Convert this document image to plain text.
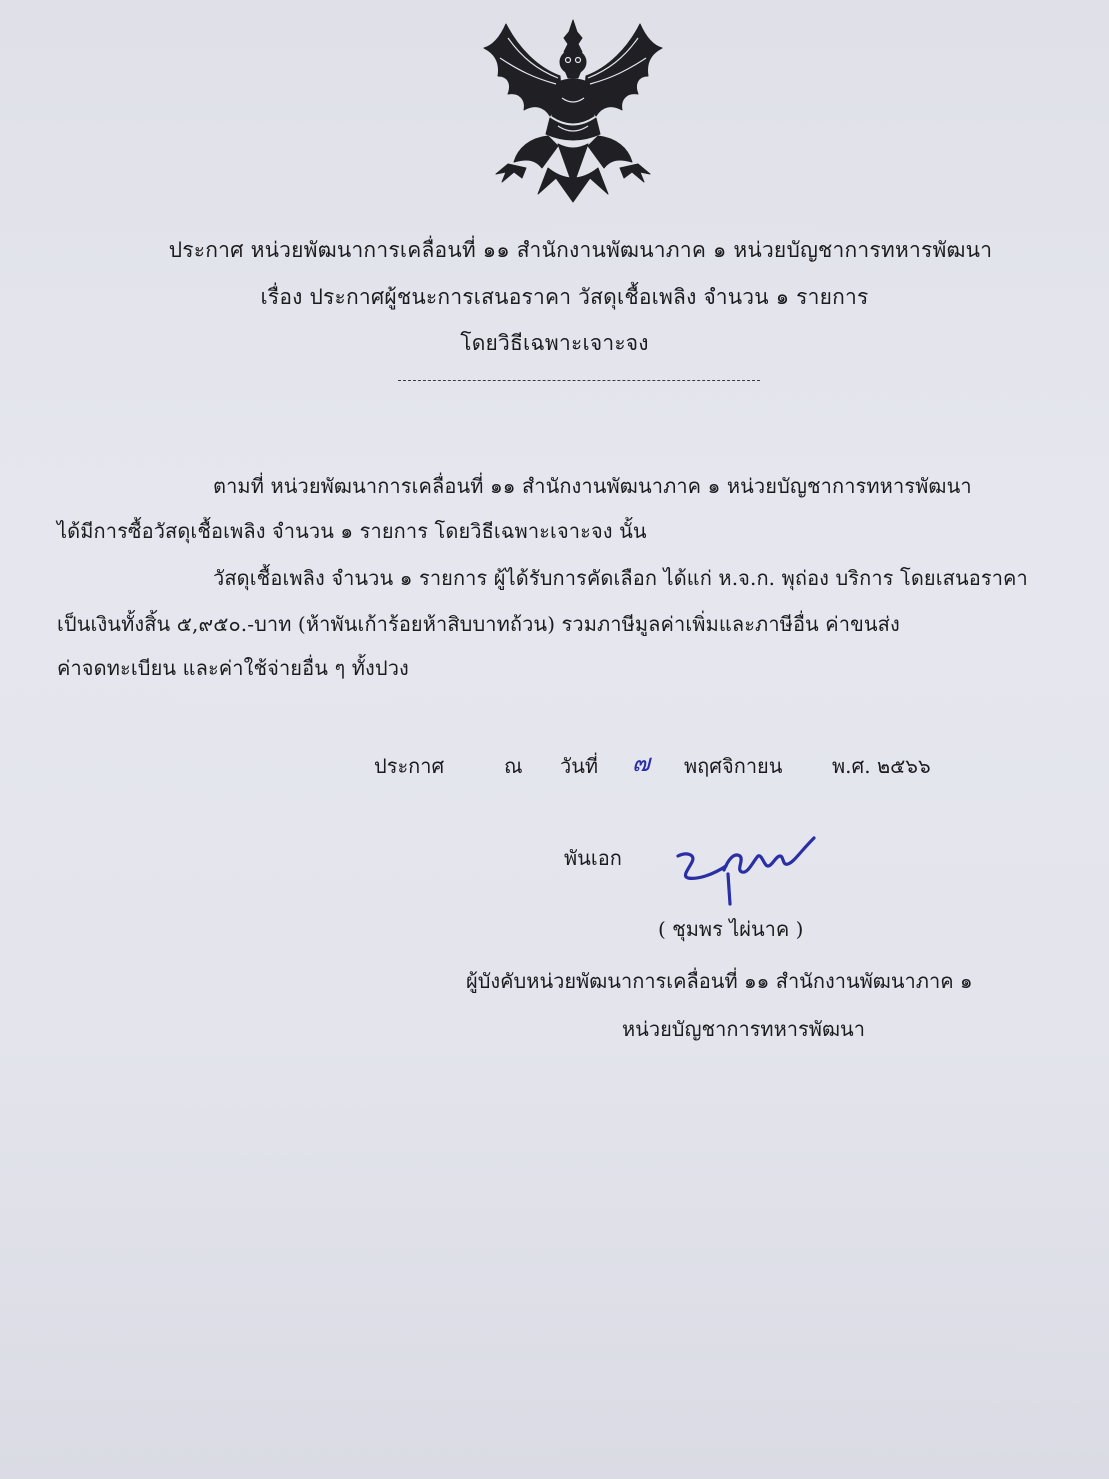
ประกาศ หน่วยพัฒนาการเคลื่อนที่ ๑๑ สำนักงานพัฒนาภาค ๑ หน่วยบัญชาการทหารพัฒนา
เรื่อง ประกาศผู้ชนะการเสนอราคา วัสดุเชื้อเพลิง จำนวน ๑ รายการ
โดยวิธีเฉพาะเจาะจง
ตามที่ หน่วยพัฒนาการเคลื่อนที่ ๑๑ สำนักงานพัฒนาภาค ๑ หน่วยบัญชาการทหารพัฒนา
ได้มีการซื้อวัสดุเชื้อเพลิง จำนวน ๑ รายการ โดยวิธีเฉพาะเจาะจง นั้น
วัสดุเชื้อเพลิง จำนวน ๑ รายการ ผู้ได้รับการคัดเลือก ได้แก่ ห.จ.ก. พุถ่อง บริการ โดยเสนอราคา
เป็นเงินทั้งสิ้น ๕,๙๕๐.-บาท (ห้าพันเก้าร้อยห้าสิบบาทถ้วน) รวมภาษีมูลค่าเพิ่มและภาษีอื่น ค่าขนส่ง
ค่าจดทะเบียน และค่าใช้จ่ายอื่น ๆ ทั้งปวง
ประกาศ	ณ วันที่ ๗ พฤศจิกายน พ.ศ. ๒๕๖๖
พันเอก
( ชุมพร ไผ่นาค )
ผู้บังคับหน่วยพัฒนาการเคลื่อนที่ ๑๑ สำนักงานพัฒนาภาค ๑
หน่วยบัญชาการทหารพัฒนา
